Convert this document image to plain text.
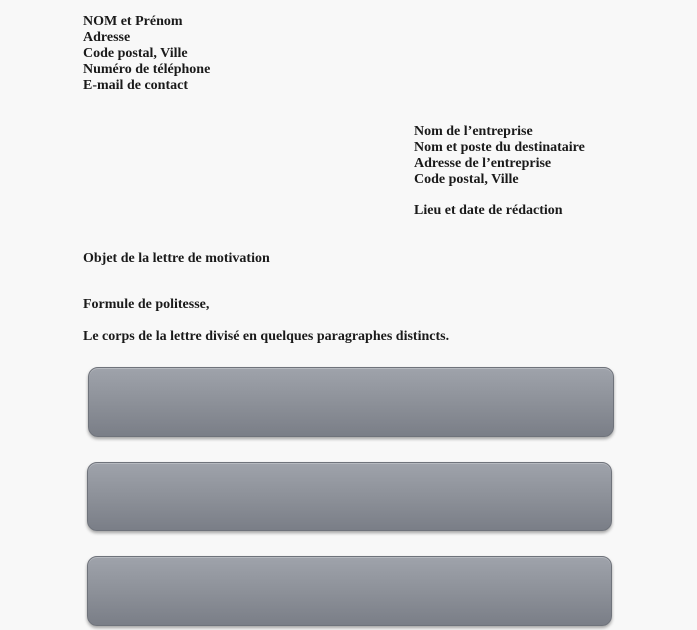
NOM et Prénom

Adresse

Code postal, Ville

Numéro de téléphone

E-mail de contact

Nom de l’entreprise

Nom et poste du destinataire

Adresse de l’entreprise

Code postal, Ville

Lieu et date de rédaction

Objet de la lettre de motivation

Formule de politesse,

Le corps de la lettre divisé en quelques paragraphes distincts.
